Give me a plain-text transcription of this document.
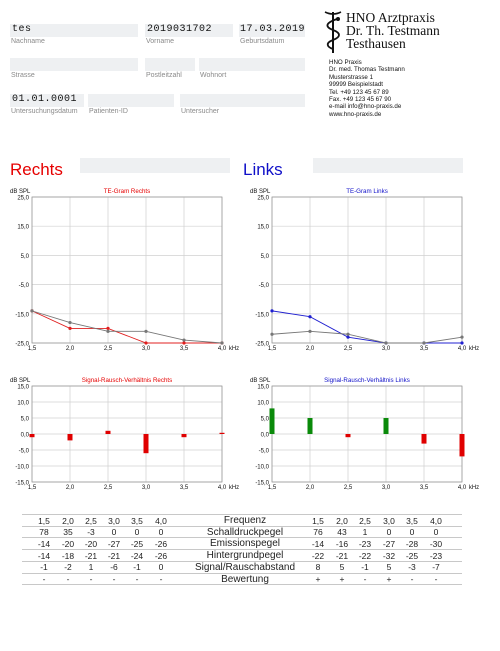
tes
Nachname
2019031702
Vorname
17.03.2019
Geburtsdatum
Strasse	Postleitzahl	Wohnort
01.01.0001
Untersuchungsdatum Patienten-ID	Untersucher
HNO Arztpraxis
Dr. Th. Testmann
Testhausen
HNO Praxis
Dr. med. Thomas Testmann
Musterstrasse 1
99999 Beispielstadt
Tel. +49 123 45 67 89
Fax. +49 123 45 67 90
e-mail info@hno-praxis.de
www.hno-praxis.de
Rechts	Links
TE-Gram Rechts
dB SPL
25,0
15,0
5,0
-5,0
-15,0
-25,0
1,5	2,0	2,5	3,0	3,5	4,0 kHz
TE-Gram Links
dB SPL
25,0
15,0
5,0
-5,0
-15,0
-25,0
1,5	2,0	2,5	3,0	3,5	4,0 kHz
Signal-Rausch-Verhältnis Rechts
dB SPL
15,0
10,0
5,0
0,0
-5,0
-10,0
-15,0
1,5	2,0	2,5	3,0	3,5	4,0 kHz
Signal-Rausch-Verhältnis Links
dB SPL
15,0
10,0
5,0
0,0
-5,0
-10,0
-15,0
1,5	2,0	2,5	3,0	3,5	4,0 kHz
Frequenz
1,5	2,0	2,5	3,0	3,5	4,0	1,5	2,0	2,5	3,0	3,5	4,0
Schalldruckpegel
78	35	-3	0	0	0	76	43	1	0	0	0
Emissionspegel
-14	-20	-20	-27	-25	-26	-14	-16	-23	-27	-28	-30
Hintergrundpegel
-14	-18	-21	-21	-24	-26	-22	-21	-22	-32	-25	-23
Signal/Rauschabstand
-1	-2	1	-6	-1	0	8	5	-1	5	-3	-7
Bewertung
-	-	-	-	-	-	+	+	-	+	-	-
